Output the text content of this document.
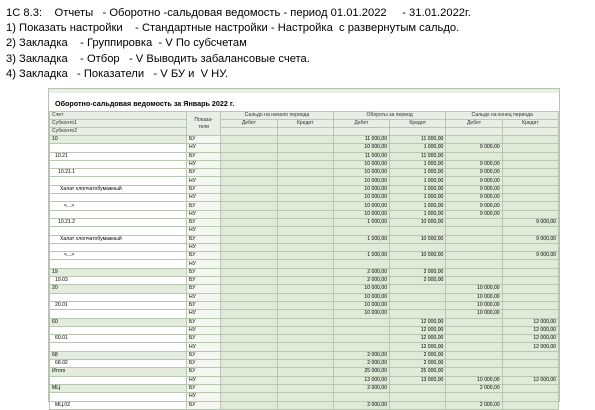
1С 8.3:    Отчеты   - Оборотно -сальдовая ведомость - период 01.01.2022     - 31.01.2022г.
1) Показать настройки    - Стандартные настройки - Настройка  с развернутым сальдо.
2) Закладка    - Группировка  - V По субсчетам
3) Закладка    - Отбор   - V Выводить забалансовые счета.
4) Закладка   - Показатели   - V БУ и  V НУ.
Оборотно-сальдовая ведомость за Январь 2022 г.
Счет	Показа-
тели	Сальдо на начало периода		Обороты за период		Сальдо на конец периода	
Субконто1		Дебет	Кредит	Дебет	Кредит	Дебет	Кредит
Субконто2							
10	БУ			11 000,00	11 000,00		
	НУ			10 000,00	1 000,00	9 000,00	
10.21	БУ			11 000,00	11 000,00		
	НУ			10 000,00	1 000,00	9 000,00	
10.21.1	БУ			10 000,00	1 000,00	9 000,00	
	НУ			10 000,00	1 000,00	9 000,00	
Халат хлопчатобумажный	БУ			10 000,00	1 000,00	9 000,00	
	НУ			10 000,00	1 000,00	9 000,00	
<...>	БУ			10 000,00	1 000,00	9 000,00	
	НУ			10 000,00	1 000,00	9 000,00	
10.21.2	БУ			1 000,00	10 000,00		9 000,00
	НУ						
Халат хлопчатобумажный	БУ			1 000,00	10 000,00		9 000,00
	НУ						
<...>	БУ			1 000,00	10 000,00		9 000,00
	НУ						
19	БУ			2 000,00	2 000,00		
19.03	БУ			2 000,00	2 000,00		
20	БУ			10 000,00		10 000,00	
	НУ			10 000,00		10 000,00	
20.01	БУ			10 000,00		10 000,00	
	НУ			10 000,00		10 000,00	
60	БУ				12 000,00		12 000,00
	НУ				12 000,00		12 000,00
60.01	БУ				12 000,00		12 000,00
	НУ				12 000,00		12 000,00
68	БУ			2 000,00	2 000,00		
68.02	БУ			2 000,00	2 000,00		
Итого	БУ			25 000,00	25 000,00		
	НУ			13 000,00	13 000,00	10 000,00	12 000,00
МЦ	БУ			2 000,00		2 000,00	
	НУ						
МЦ.02	БУ			2 000,00		2 000,00	
